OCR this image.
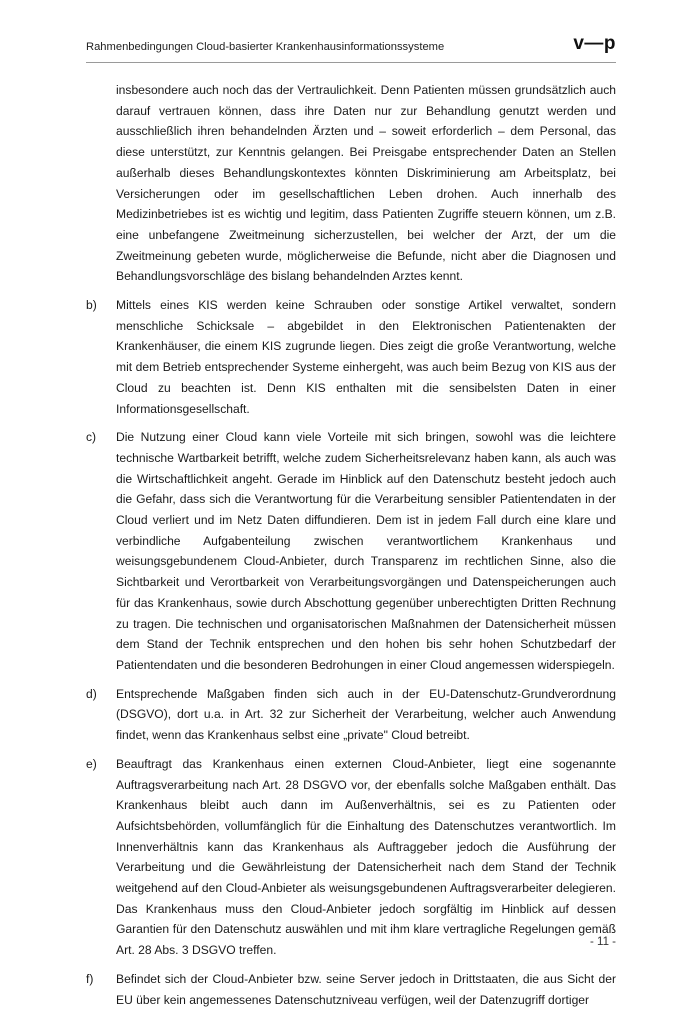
Rahmenbedingungen Cloud-basierter Krankenhausinformationssysteme	v—p

insbesondere auch noch das der Vertraulichkeit. Denn Patienten müssen grundsätzlich auch darauf vertrauen können, dass ihre Daten nur zur Behandlung genutzt werden und ausschließlich ihren behandelnden Ärzten und – soweit erforderlich – dem Personal, das diese unterstützt, zur Kenntnis gelangen. Bei Preisgabe entsprechender Daten an Stellen außerhalb dieses Behandlungskontextes könnten Diskriminierung am Arbeitsplatz, bei Versicherungen oder im gesellschaftlichen Leben drohen. Auch innerhalb des Medizinbetriebes ist es wichtig und legitim, dass Patienten Zugriffe steuern können, um z.B. eine unbefangene Zweitmeinung sicherzustellen, bei welcher der Arzt, der um die Zweitmeinung gebeten wurde, möglicherweise die Befunde, nicht aber die Diagnosen und Behandlungsvorschläge des bislang behandelnden Arztes kennt.

b)	Mittels eines KIS werden keine Schrauben oder sonstige Artikel verwaltet, sondern menschliche Schicksale – abgebildet in den Elektronischen Patientenakten der Krankenhäuser, die einem KIS zugrunde liegen. Dies zeigt die große Verantwortung, welche mit dem Betrieb entsprechender Systeme einhergeht, was auch beim Bezug von KIS aus der Cloud zu beachten ist. Denn KIS enthalten mit die sensibelsten Daten in einer Informationsgesellschaft.
c)	Die Nutzung einer Cloud kann viele Vorteile mit sich bringen, sowohl was die leichtere technische Wartbarkeit betrifft, welche zudem Sicherheitsrelevanz haben kann, als auch was die Wirtschaftlichkeit angeht. Gerade im Hinblick auf den Datenschutz besteht jedoch auch die Gefahr, dass sich die Verantwortung für die Verarbeitung sensibler Patientendaten in der Cloud verliert und im Netz Daten diffundieren. Dem ist in jedem Fall durch eine klare und verbindliche Aufgabenteilung zwischen verantwortlichem Krankenhaus und weisungsgebundenem Cloud-Anbieter, durch Transparenz im rechtlichen Sinne, also die Sichtbarkeit und Verortbarkeit von Verarbeitungsvorgängen und Datenspeicherungen auch für das Krankenhaus, sowie durch Abschottung gegenüber unberechtigten Dritten Rechnung zu tragen. Die technischen und organisatorischen Maßnahmen der Datensicherheit müssen dem Stand der Technik entsprechen und den hohen bis sehr hohen Schutzbedarf der Patientendaten und die besonderen Bedrohungen in einer Cloud angemessen widerspiegeln.
d)	Entsprechende Maßgaben finden sich auch in der EU-Datenschutz-Grundverordnung (DSGVO), dort u.a. in Art. 32 zur Sicherheit der Verarbeitung, welcher auch Anwendung findet, wenn das Krankenhaus selbst eine „private" Cloud betreibt.
e)	Beauftragt das Krankenhaus einen externen Cloud-Anbieter, liegt eine sogenannte Auftragsverarbeitung nach Art. 28 DSGVO vor, der ebenfalls solche Maßgaben enthält. Das Krankenhaus bleibt auch dann im Außenverhältnis, sei es zu Patienten oder Aufsichtsbehörden, vollumfänglich für die Einhaltung des Datenschutzes verantwortlich. Im Innenverhältnis kann das Krankenhaus als Auftraggeber jedoch die Ausführung der Verarbeitung und die Gewährleistung der Datensicherheit nach dem Stand der Technik weitgehend auf den Cloud-Anbieter als weisungsgebundenen Auftragsverarbeiter delegieren. Das Krankenhaus muss den Cloud-Anbieter jedoch sorgfältig im Hinblick auf dessen Garantien für den Datenschutz auswählen und mit ihm klare vertragliche Regelungen gemäß Art. 28 Abs. 3 DSGVO treffen.
f)	Befindet sich der Cloud-Anbieter bzw. seine Server jedoch in Drittstaaten, die aus Sicht der EU über kein angemessenes Datenschutzniveau verfügen, weil der Datenzugriff dortiger
- 11 -
